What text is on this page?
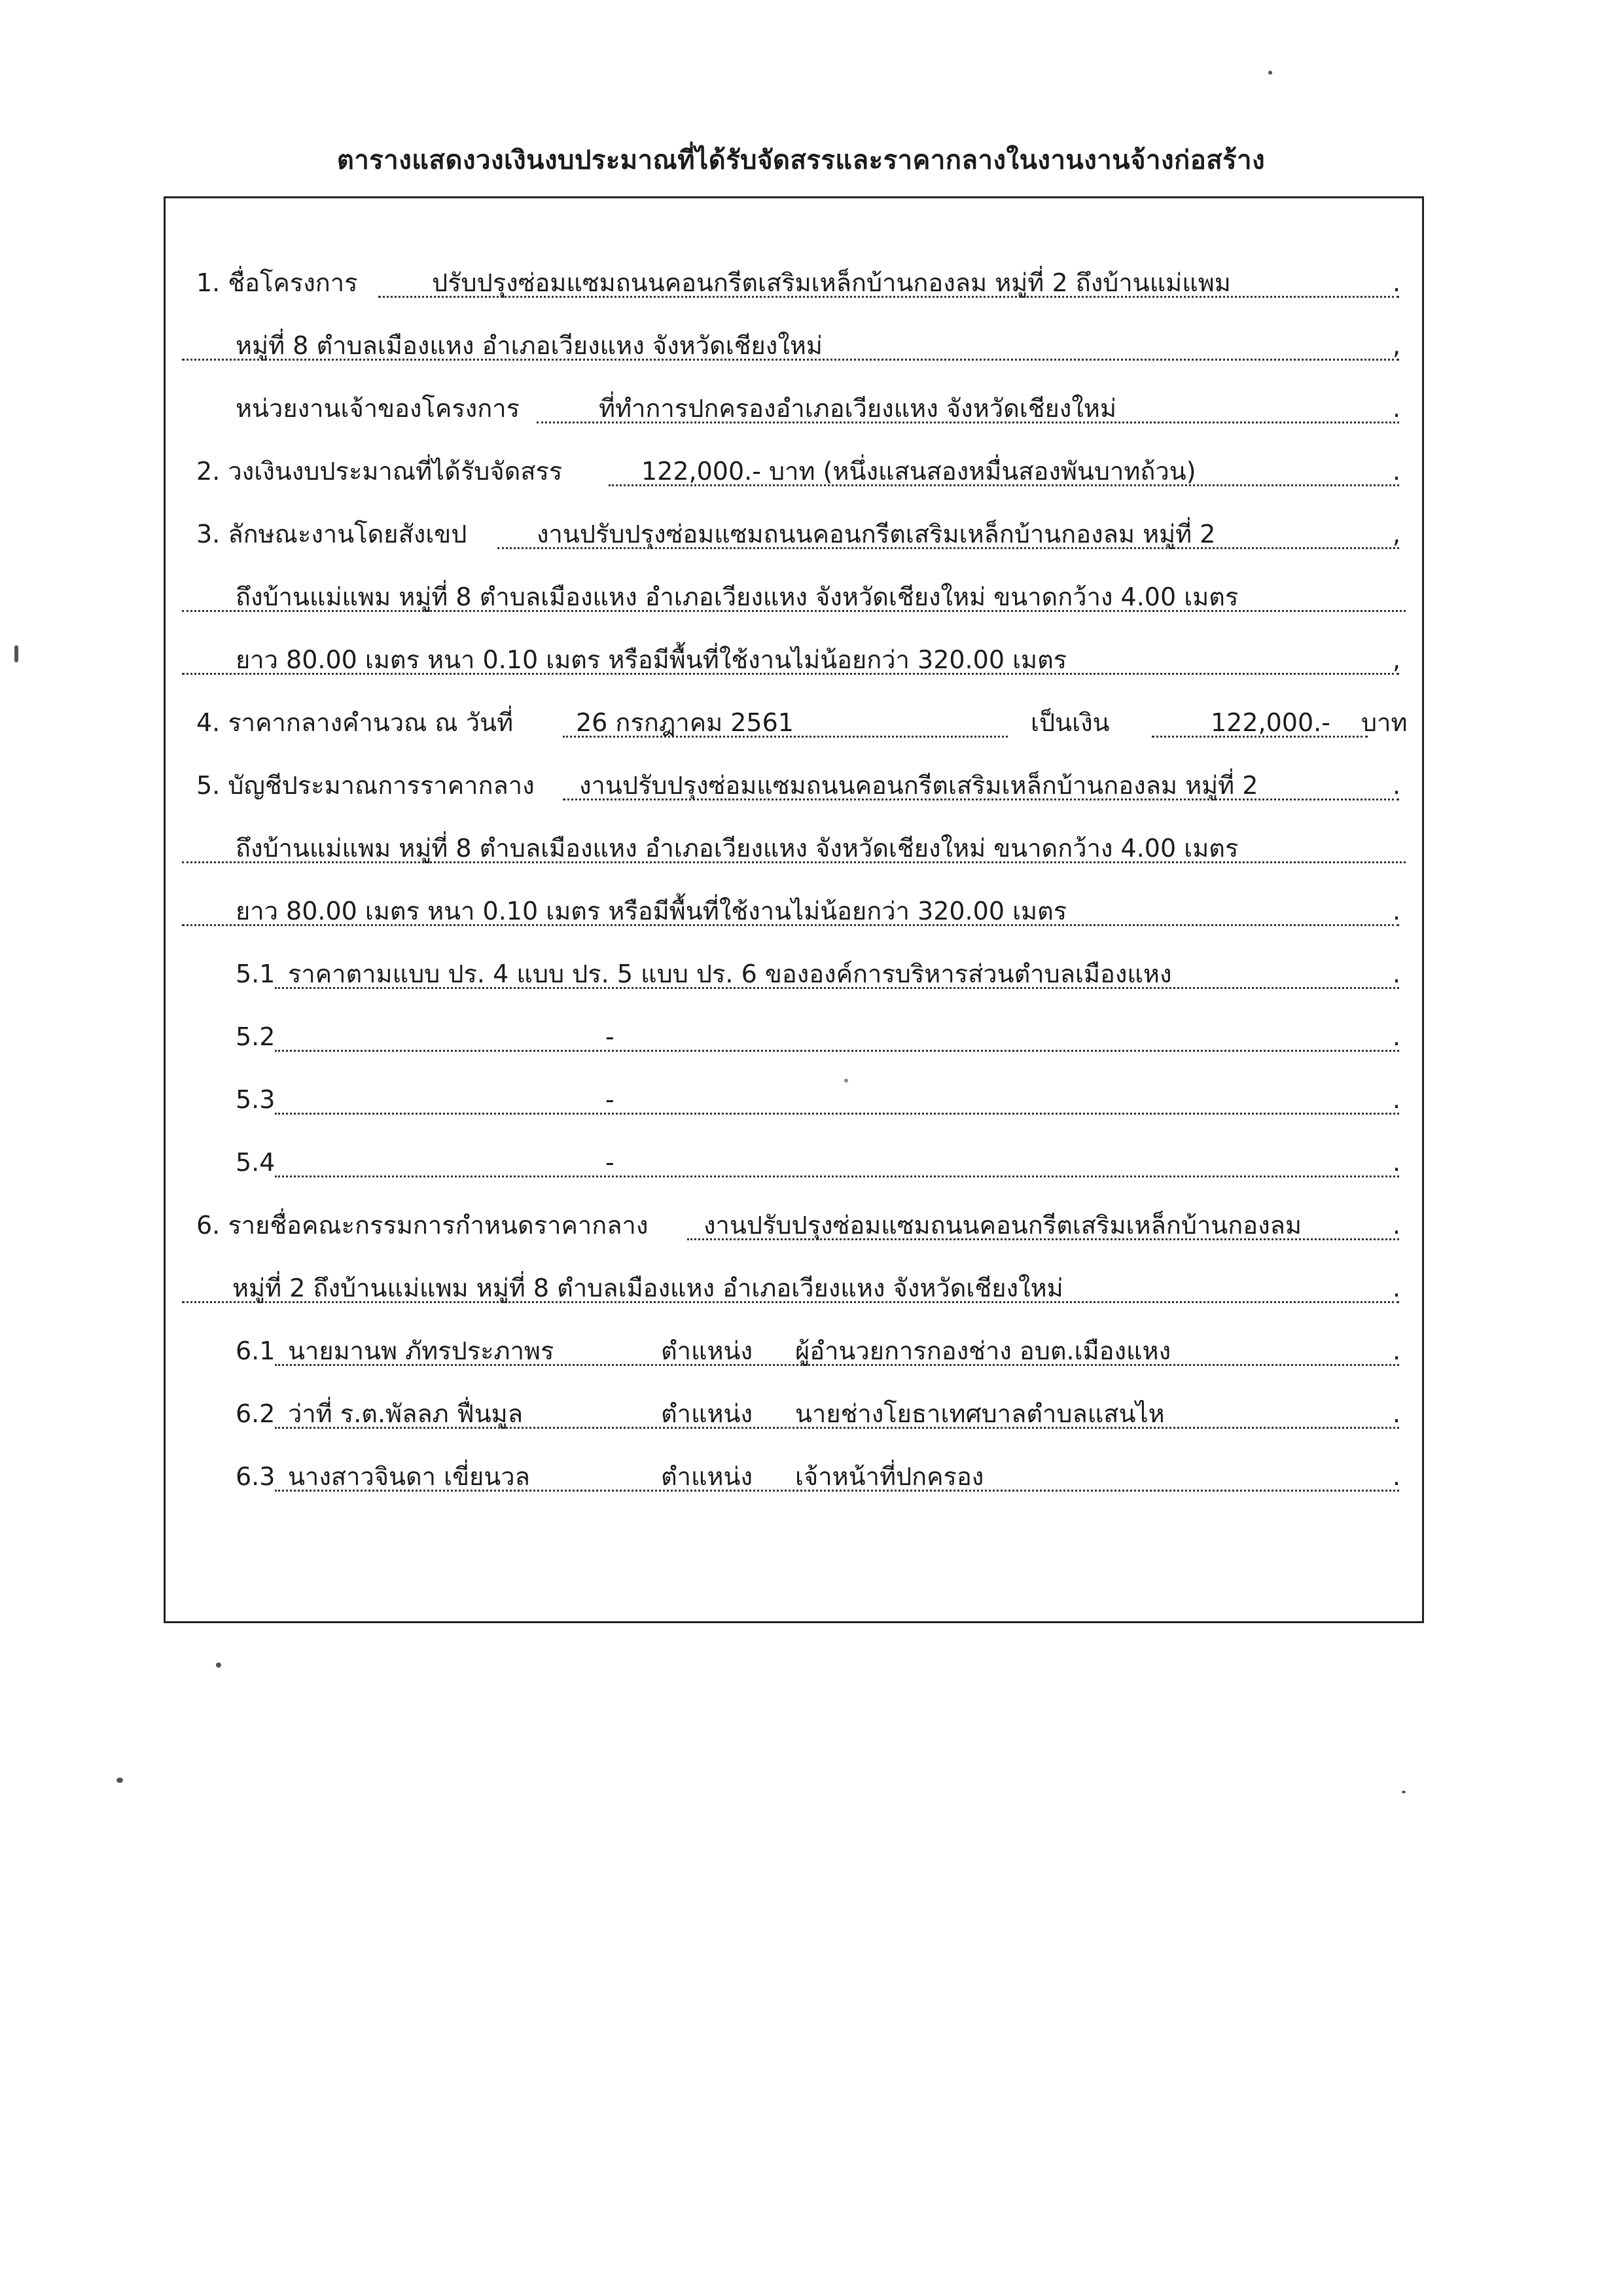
ตารางแสดงวงเงินงบประมาณที่ได้รับจัดสรรและราคากลางในงานงานจ้างก่อสร้าง
1. ชื่อโครงการ	ปรับปรุงซ่อมแซมถนนคอนกรีตเสริมเหล็กบ้านกองลม หมู่ที่ 2 ถึงบ้านแม่แพม	.
หมู่ที่ 8 ตำบลเมืองแหง อำเภอเวียงแหง จังหวัดเชียงใหม่	,
หน่วยงานเจ้าของโครงการ	ที่ทำการปกครองอำเภอเวียงแหง จังหวัดเชียงใหม่	.
2. วงเงินงบประมาณที่ได้รับจัดสรร	122,000.- บาท (หนึ่งแสนสองหมื่นสองพันบาทถ้วน)	.
3. ลักษณะงานโดยสังเขป	งานปรับปรุงซ่อมแซมถนนคอนกรีตเสริมเหล็กบ้านกองลม หมู่ที่ 2	,
ถึงบ้านแม่แพม หมู่ที่ 8 ตำบลเมืองแหง อำเภอเวียงแหง จังหวัดเชียงใหม่ ขนาดกว้าง 4.00 เมตร
ยาว 80.00 เมตร หนา 0.10 เมตร หรือมีพื้นที่ใช้งานไม่น้อยกว่า 320.00 เมตร	,
4. ราคากลางคำนวณ ณ วันที่	26 กรกฎาคม 2561	เป็นเงิน	122,000.- บาท
5. บัญชีประมาณการราคากลาง งานปรับปรุงซ่อมแซมถนนคอนกรีตเสริมเหล็กบ้านกองลม หมู่ที่ 2	.
ถึงบ้านแม่แพม หมู่ที่ 8 ตำบลเมืองแหง อำเภอเวียงแหง จังหวัดเชียงใหม่ ขนาดกว้าง 4.00 เมตร
ยาว 80.00 เมตร หนา 0.10 เมตร หรือมีพื้นที่ใช้งานไม่น้อยกว่า 320.00 เมตร	.
5.1 ราคาตามแบบ ปร. 4 แบบ ปร. 5 แบบ ปร. 6 ขององค์การบริหารส่วนตำบลเมืองแหง	.
5.2	-	.
5.3	-	.
5.4	-	.
6. รายชื่อคณะกรรมการกำหนดราคากลาง งานปรับปรุงซ่อมแซมถนนคอนกรีตเสริมเหล็กบ้านกองลม	.
หมู่ที่ 2 ถึงบ้านแม่แพม หมู่ที่ 8 ตำบลเมืองแหง อำเภอเวียงแหง จังหวัดเชียงใหม่	.
6.1 นายมานพ ภัทรประภาพร	ตำแหน่ง ผู้อำนวยการกองช่าง อบต.เมืองแหง	.
6.2 ว่าที่ ร.ต.พัลลภ ฟื่นมูล	ตำแหน่ง นายช่างโยธาเทศบาลตำบลแสนไห	.
6.3 นางสาวจินดา เขี่ยนวล	ตำแหน่ง เจ้าหน้าที่ปกครอง	.
